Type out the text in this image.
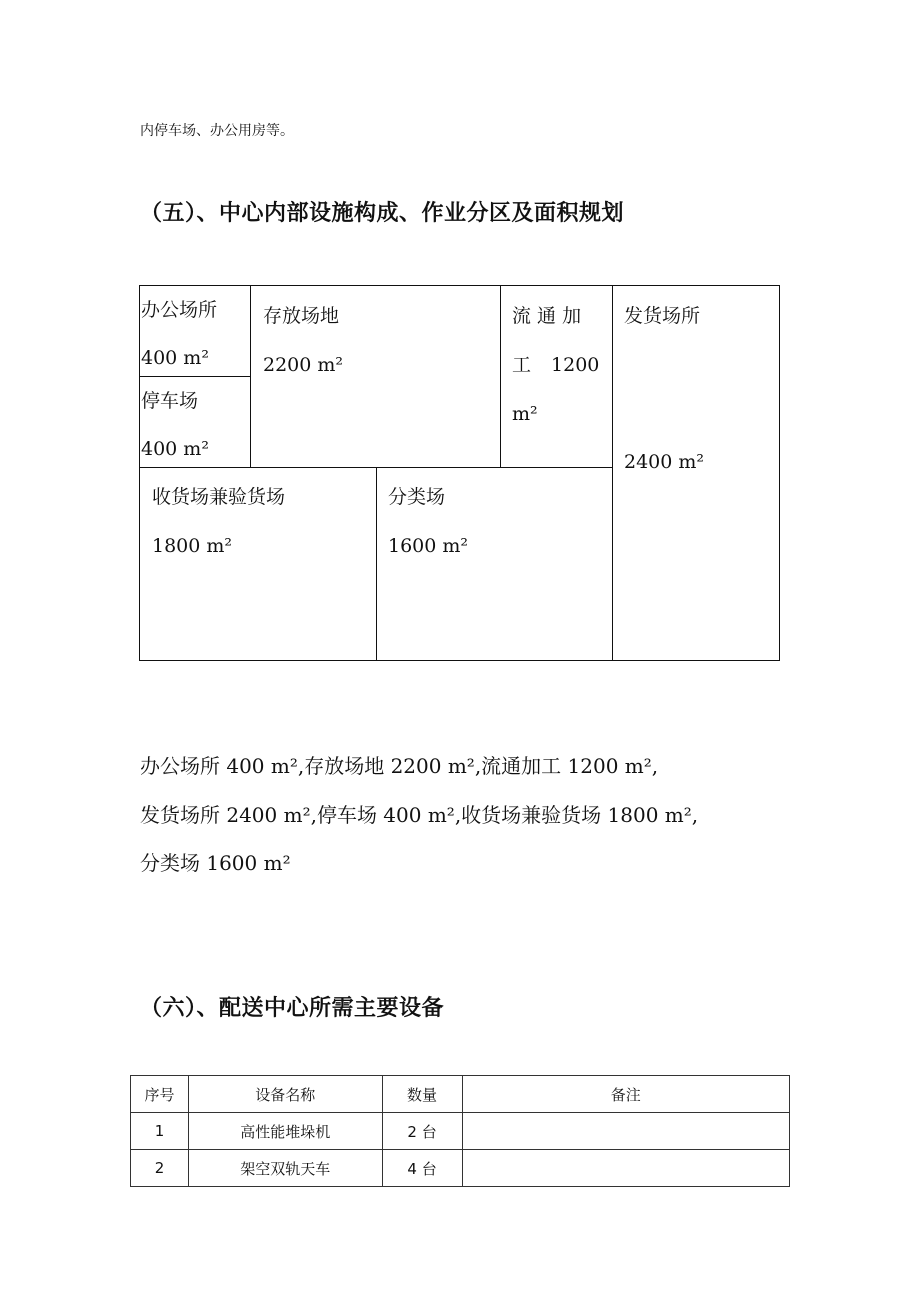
内停车场、办公用房等。
（五）、中心内部设施构成、作业分区及面积规划
办公场所
400 m²
停车场
400 m²
存放场地
2200 m²
流 通 加
工 1200
m²
发货场所
2400 m²
收货场兼验货场
1800 m²
分类场
1600 m²
办公场所 400 m²,存放场地 2200 m²,流通加工 1200 m²,
发货场所 2400 m²,停车场 400 m²,收货场兼验货场 1800 m²,
分类场 1600 m²
（六）、配送中心所需主要设备
序号	设备名称	数量	备注
1	高性能堆垛机	2 台	
2	架空双轨天车	4 台	
